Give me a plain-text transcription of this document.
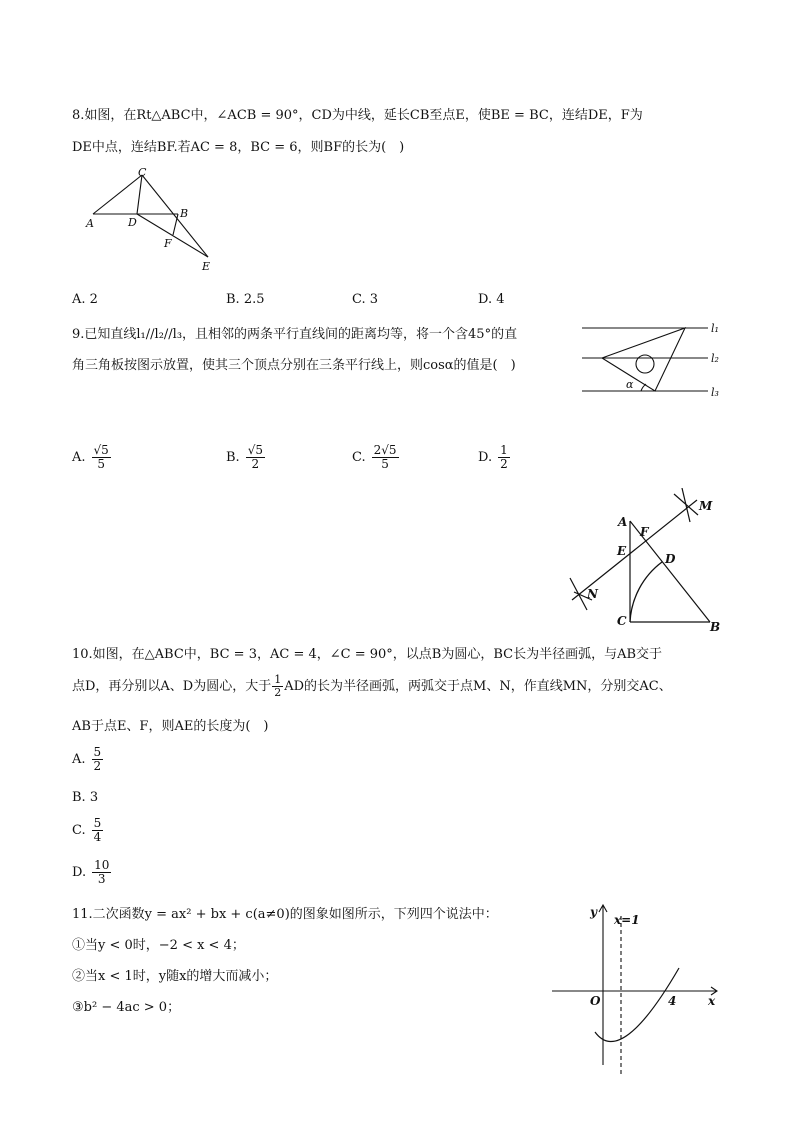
8.如图，在Rt△ABC中，∠ACB = 90°，CD为中线，延长CB至点E，使BE = BC，连结DE，F为
DE中点，连结BF.若AC = 8，BC = 6，则BF的长为(　)
C
A	D
B
F
E
A. 2	B. 2.5	C. 3	D. 4
9.已知直线l₁//l₂//l₃，且相邻的两条平行直线间的距离均等，将一个含45°的直
角三角板按图示放置，使其三个顶点分别在三条平行线上，则cosα的值是(　)
l₁
l₂
l₃
α
A. $\frac{√5}{5}$	B. $\frac{√5}{2}$	C. $\frac{2√5}{5}$	D. $\frac{1}{2}$
A
F
E
D
C	B
M
N
10.如图，在△ABC中，BC = 3，AC = 4，∠C = 90°，以点B为圆心，BC长为半径画弧，与AB交于
点D，再分别以A、D为圆心，大于 $\frac{1}{2}$ AD的长为半径画弧，两弧交于点M、N，作直线MN，分别交AC、
AB于点E、F，则AE的长度为(　)
A. $\frac{5}{2}$
B. 3
C. $\frac{5}{4}$
D. $\frac{10}{3}$
11.二次函数y = ax² + bx + c(a≠0)的图象如图所示，下列四个说法中：
①当y < 0时，−2 < x < 4；
②当x < 1时，y随x的增大而减小；
③b² − 4ac > 0；
y
x=1
O	4	x
